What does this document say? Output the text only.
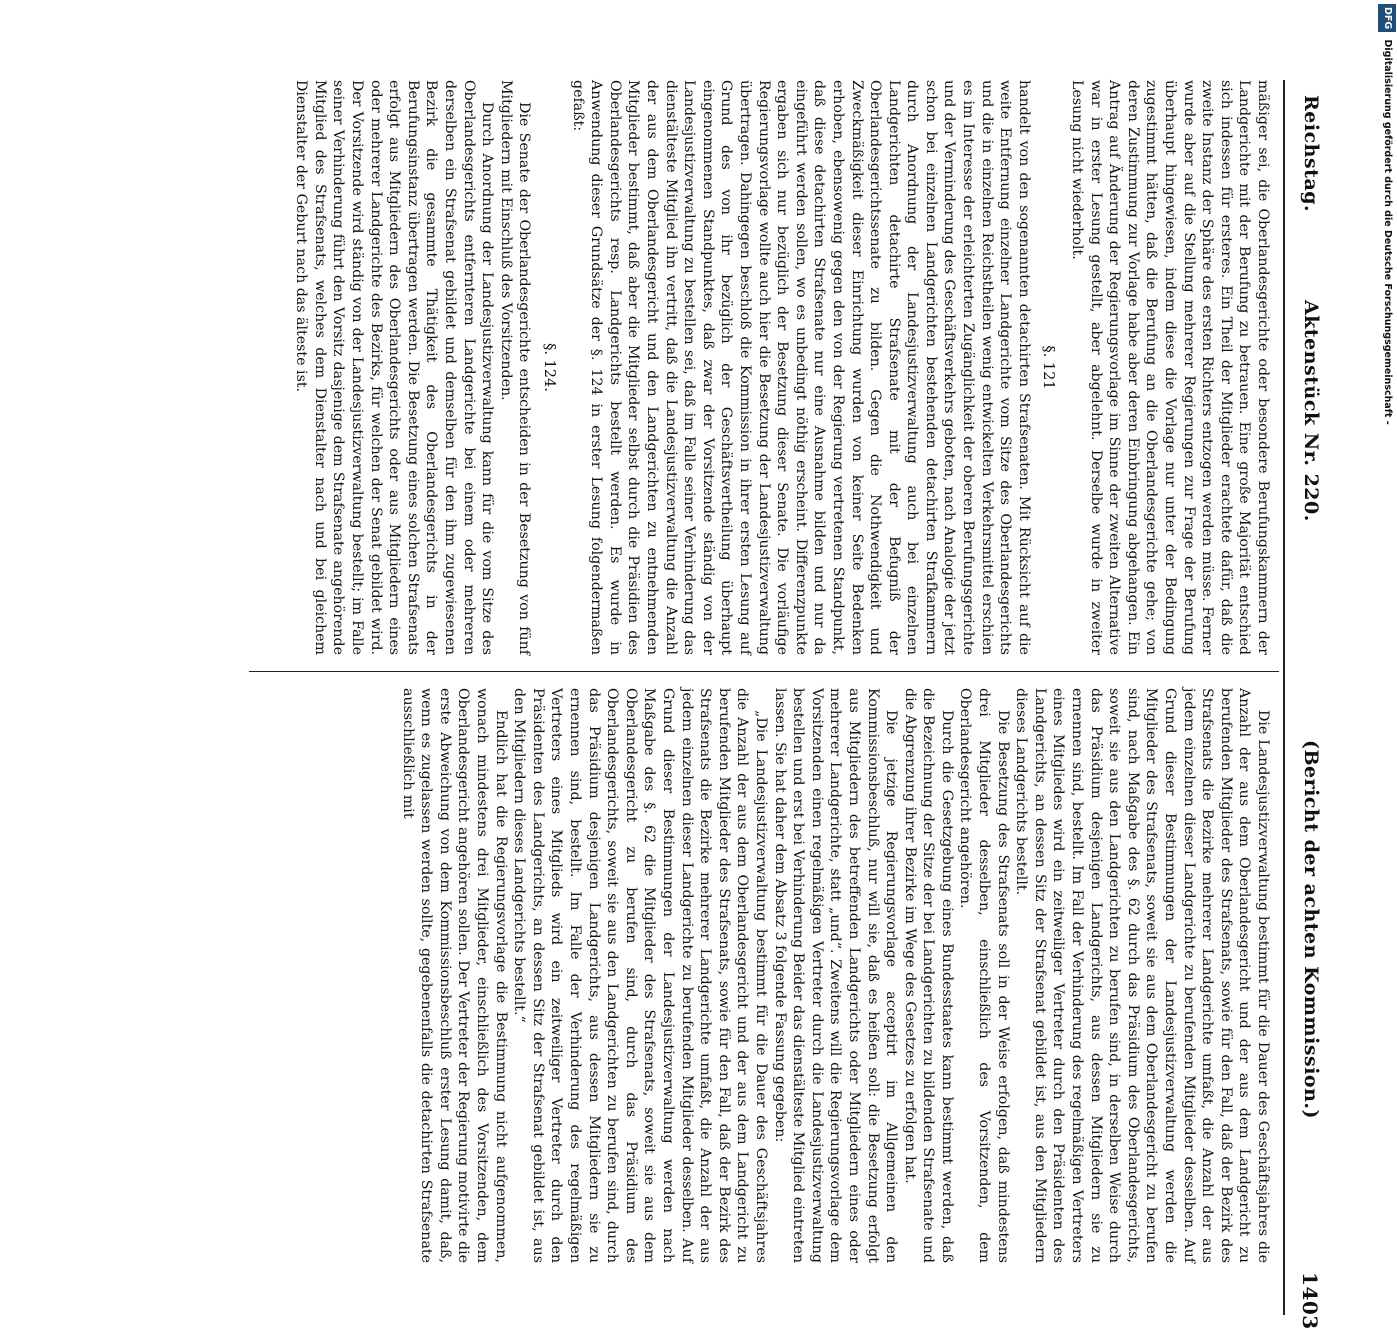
Reichstag.
Aktenstück Nr. 220.
(Bericht der achten Kommission.)
1403

mäßiger sei, die Oberlandesgerichte oder besondere Berufungskammern der Landgerichte mit der Berufung zu betrauen. Eine große Majorität entschied sich indessen für ersteres. Ein Theil der Mitglieder erachtete dafür, daß die zweite Instanz der Sphäre des ersten Richters entzogen werden müsse. Ferner wurde aber auf die Stellung mehrerer Regierungen zur Frage der Berufung überhaupt hingewiesen, indem diese die Vorlage nur unter der Bedingung zugestimmt hätten, daß die Berufung an die Oberlandesgerichte gehe; von deren Zustimmung zur Vorlage habe aber deren Einbringung abgehangen. Ein Antrag auf Änderung der Regierungsvorlage im Sinne der zweiten Alternative war in erster Lesung gestellt, aber abgelehnt. Derselbe wurde in zweiter Lesung nicht wiederholt.

§. 121

handelt von den sogenannten detachirten Strafsenaten. Mit Rücksicht auf die weite Entfernung einzelner Landgerichte vom Sitze des Oberlandesgerichts und die in einzelnen Reichstheilen wenig entwickelten Verkehrsmittel erschien es im Interesse der erleichterten Zugänglichkeit der oberen Berufungsgerichte und der Verminderung des Geschäftsverkehrs geboten, nach Analogie der jetzt schon bei einzelnen Landgerichten bestehenden detachirten Strafkammern durch Anordnung der Landesjustizverwaltung auch bei einzelnen Landgerichten detachirte Strafsenate mit der Befugniß der Oberlandesgerichtssenate zu bilden. Gegen die Nothwendigkeit und Zweckmäßigkeit dieser Einrichtung wurden von keiner Seite Bedenken erhoben, ebensowenig gegen den von der Regierung vertretenen Standpunkt, daß diese detachirten Strafsenate nur eine Ausnahme bilden und nur da eingeführt werden sollen, wo es unbedingt nöthig erscheint. Differenzpunkte ergaben sich nur bezüglich der Besetzung dieser Senate. Die vorläufige Regierungsvorlage wollte auch hier die Besetzung der Landesjustizverwaltung übertragen. Dahingegen beschloß die Kommission in ihrer ersten Lesung auf Grund des von ihr bezüglich der Geschäftsvertheilung überhaupt eingenommenen Standpunktes, daß zwar der Vorsitzende ständig von der Landesjustizverwaltung zu bestellen sei, daß im Falle seiner Verhinderung das dienstälteste Mitglied ihn vertritt, daß die Landesjustizverwaltung die Anzahl der aus dem Oberlandesgericht und den Landgerichten zu entnehmenden Mitglieder bestimmt, daß aber die Mitglieder selbst durch die Präsidien des Oberlandesgerichts resp. Landgerichts bestellt werden. Es wurde in Anwendung dieser Grundsätze der §. 124 in erster Lesung folgendermaßen gefaßt:

§. 124.

Die Senate der Oberlandesgerichte entscheiden in der Besetzung von fünf Mitgliedern mit Einschluß des Vorsitzenden.

Durch Anordnung der Landesjustizverwaltung kann für die vom Sitze des Oberlandesgerichts entfernteren Landgerichte bei einem oder mehreren derselben ein Strafsenat gebildet und demselben für den ihm zugewiesenen Bezirk die gesammte Thätigkeit des Oberlandesgerichts in der Berufungsinstanz übertragen werden. Die Besetzung eines solchen Strafsenats erfolgt aus Mitgliedern des Oberlandesgerichts oder aus Mitgliedern eines oder mehrerer Landgerichte des Bezirks, für welchen der Senat gebildet wird. Der Vorsitzende wird ständig von der Landesjustizverwaltung bestellt; im Falle seiner Verhinderung führt den Vorsitz dasjenige dem Strafsenate angehörende Mitglied des Strafsenats, welches dem Dienstalter nach und bei gleichem Dienstalter der Geburt nach das älteste ist.

Die Landesjustizverwaltung bestimmt für die Dauer des Geschäftsjahres die Anzahl der aus dem Oberlandesgericht und der aus dem Landgericht zu berufenden Mitglieder des Strafsenats, sowie für den Fall, daß der Bezirk des Strafsenats die Bezirke mehrerer Landgerichte umfaßt, die Anzahl der aus jedem einzelnen dieser Landgerichte zu berufenden Mitglieder desselben. Auf Grund dieser Bestimmungen der Landesjustizverwaltung werden die Mitglieder des Strafsenats, soweit sie aus dem Oberlandesgericht zu berufen sind, nach Maßgabe des §. 62 durch das Präsidium des Oberlandesgerichts, soweit sie aus den Landgerichten zu berufen sind, in derselben Weise durch das Präsidium desjenigen Landgerichts, aus dessen Mitgliedern sie zu ernennen sind, bestellt. Im Fall der Verhinderung des regelmäßigen Vertreters eines Mitgliedes wird ein zeitweiliger Vertreter durch den Präsidenten des Landgerichts, an dessen Sitz der Strafsenat gebildet ist, aus den Mitgliedern dieses Landgerichts bestellt.

Die Besetzung des Strafsenats soll in der Weise erfolgen, daß mindestens drei Mitglieder desselben, einschließlich des Vorsitzenden, dem Oberlandesgericht angehören.

Durch die Gesetzgebung eines Bundesstaates kann bestimmt werden, daß die Bezeichnung der Sitze der bei Landgerichten zu bildenden Strafsenate und die Abgrenzung ihrer Bezirke im Wege des Gesetzes zu erfolgen hat.

Die jetzige Regierungsvorlage acceptirt im Allgemeinen den Kommissionsbeschluß, nur will sie, daß es heißen soll: die Besetzung erfolgt aus Mitgliedern des betreffenden Landgerichts oder Mitgliedern eines oder mehrerer Landgerichte, statt „und“. Zweitens will die Regierungsvorlage dem Vorsitzenden einen regelmäßigen Vertreter durch die Landesjustizverwaltung bestellen und erst bei Verhinderung Beider das dienstälteste Mitglied eintreten lassen. Sie hat daher dem Absatz 3 folgende Fassung gegeben:

„Die Landesjustizverwaltung bestimmt für die Dauer des Geschäftsjahres die Anzahl der aus dem Oberlandesgericht und der aus dem Landgericht zu berufenden Mitglieder des Strafsenats, sowie für den Fall, daß der Bezirk des Strafsenats die Bezirke mehrerer Landgerichte umfaßt, die Anzahl der aus jedem einzelnen dieser Landgerichte zu berufenden Mitglieder desselben. Auf Grund dieser Bestimmungen der Landesjustizverwaltung werden nach Maßgabe des §. 62 die Mitglieder des Strafsenats, soweit sie aus dem Oberlandesgericht zu berufen sind, durch das Präsidium des Oberlandesgerichts, soweit sie aus den Landgerichten zu berufen sind, durch das Präsidium desjenigen Landgerichts, aus dessen Mitgliedern sie zu ernennen sind, bestellt. Im Falle der Verhinderung des regelmäßigen Vertreters eines Mitglieds wird ein zeitweiliger Vertreter durch den Präsidenten des Landgerichts, an dessen Sitz der Strafsenat gebildet ist, aus den Mitgliedern dieses Landgerichts bestellt.“

Endlich hat die Regierungsvorlage die Bestimmung nicht aufgenommen, wonach mindestens drei Mitglieder, einschließlich des Vorsitzenden, dem Oberlandesgericht angehören sollen. Der Vertreter der Regierung motivirte die erste Abweichung von dem Kommissionsbeschluß erster Lesung damit, daß, wenn es zugelassen werden sollte, gegebenenfalls die detachirten Strafsenate ausschließlich mit

DFG Digitalisierung gefördert durch die Deutsche Forschungsgemeinschaft -
